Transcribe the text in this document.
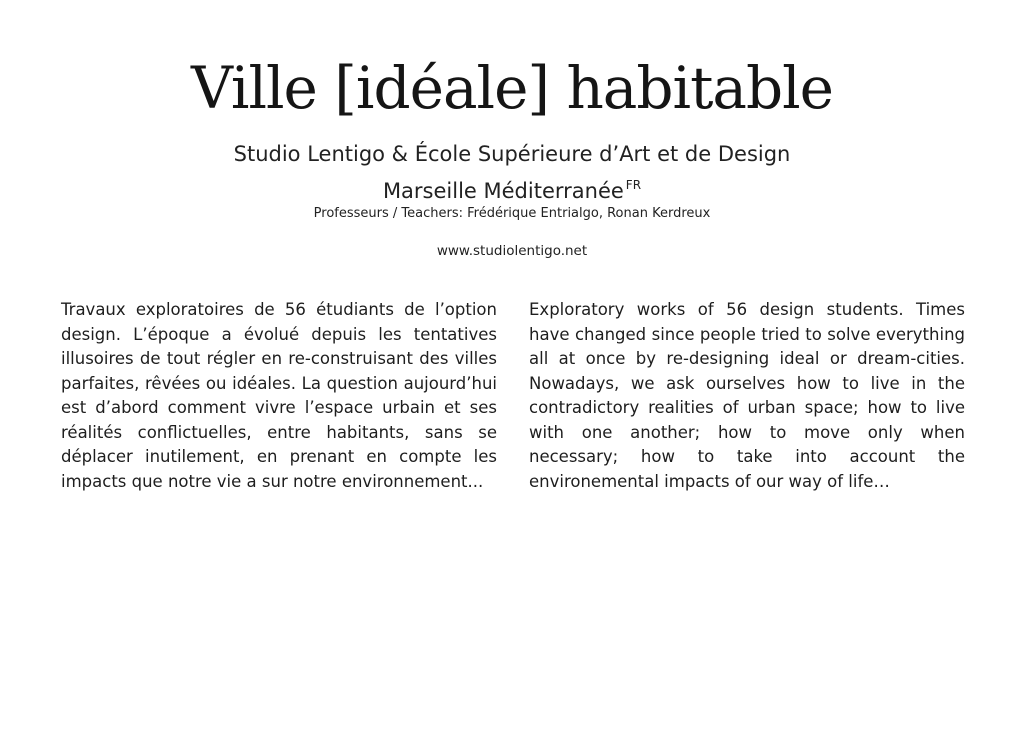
Ville [idéale] habitable
Studio Lentigo & École Supérieure d’Art et de Design
Marseille Méditerranée $^{FR}$
Professeurs / Teachers: Frédérique Entrialgo, Ronan Kerdreux
www.studiolentigo.net

Travaux exploratoires de 56 étudiants de l’option design. L’époque a évolué depuis les tentatives illusoires de tout régler en re-construisant des villes parfaites, rêvées ou idéales. La question aujourd’hui est d’abord comment vivre l’espace urbain et ses réalités conflictuelles, entre habitants, sans se déplacer inutilement, en prenant en compte les impacts que notre vie a sur notre environnement...

Exploratory works of 56 design students. Times have changed since people tried to solve everything all at once by re-designing ideal or dream-cities. Nowadays, we ask ourselves how to live in the contradictory realities of urban space; how to live with one another; how to move only when necessary; how to take into account the environemental impacts of our way of life…
